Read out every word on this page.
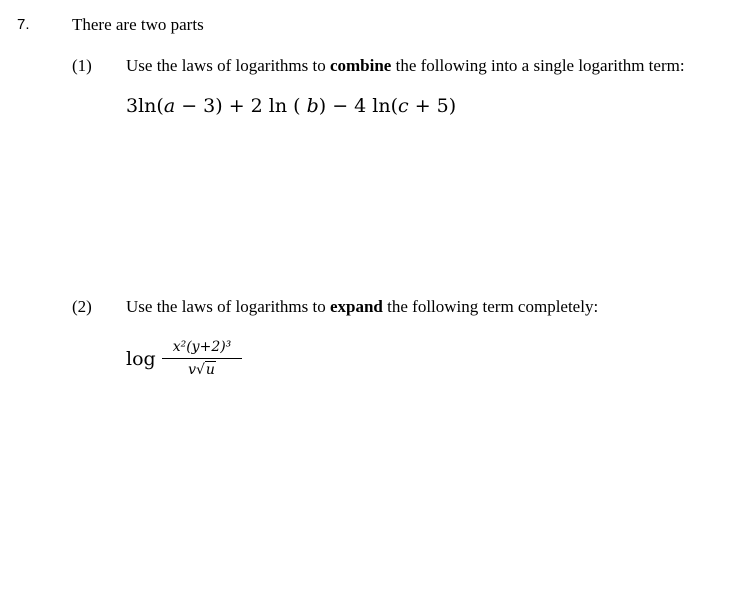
7. There are two parts
(1) Use the laws of logarithms to combine the following into a single logarithm term:
3ln(a − 3) + 2 ln ( b) − 4 ln(c + 5)
(2) Use the laws of logarithms to expand the following term completely:
log
x²(y+2)³
v√u
